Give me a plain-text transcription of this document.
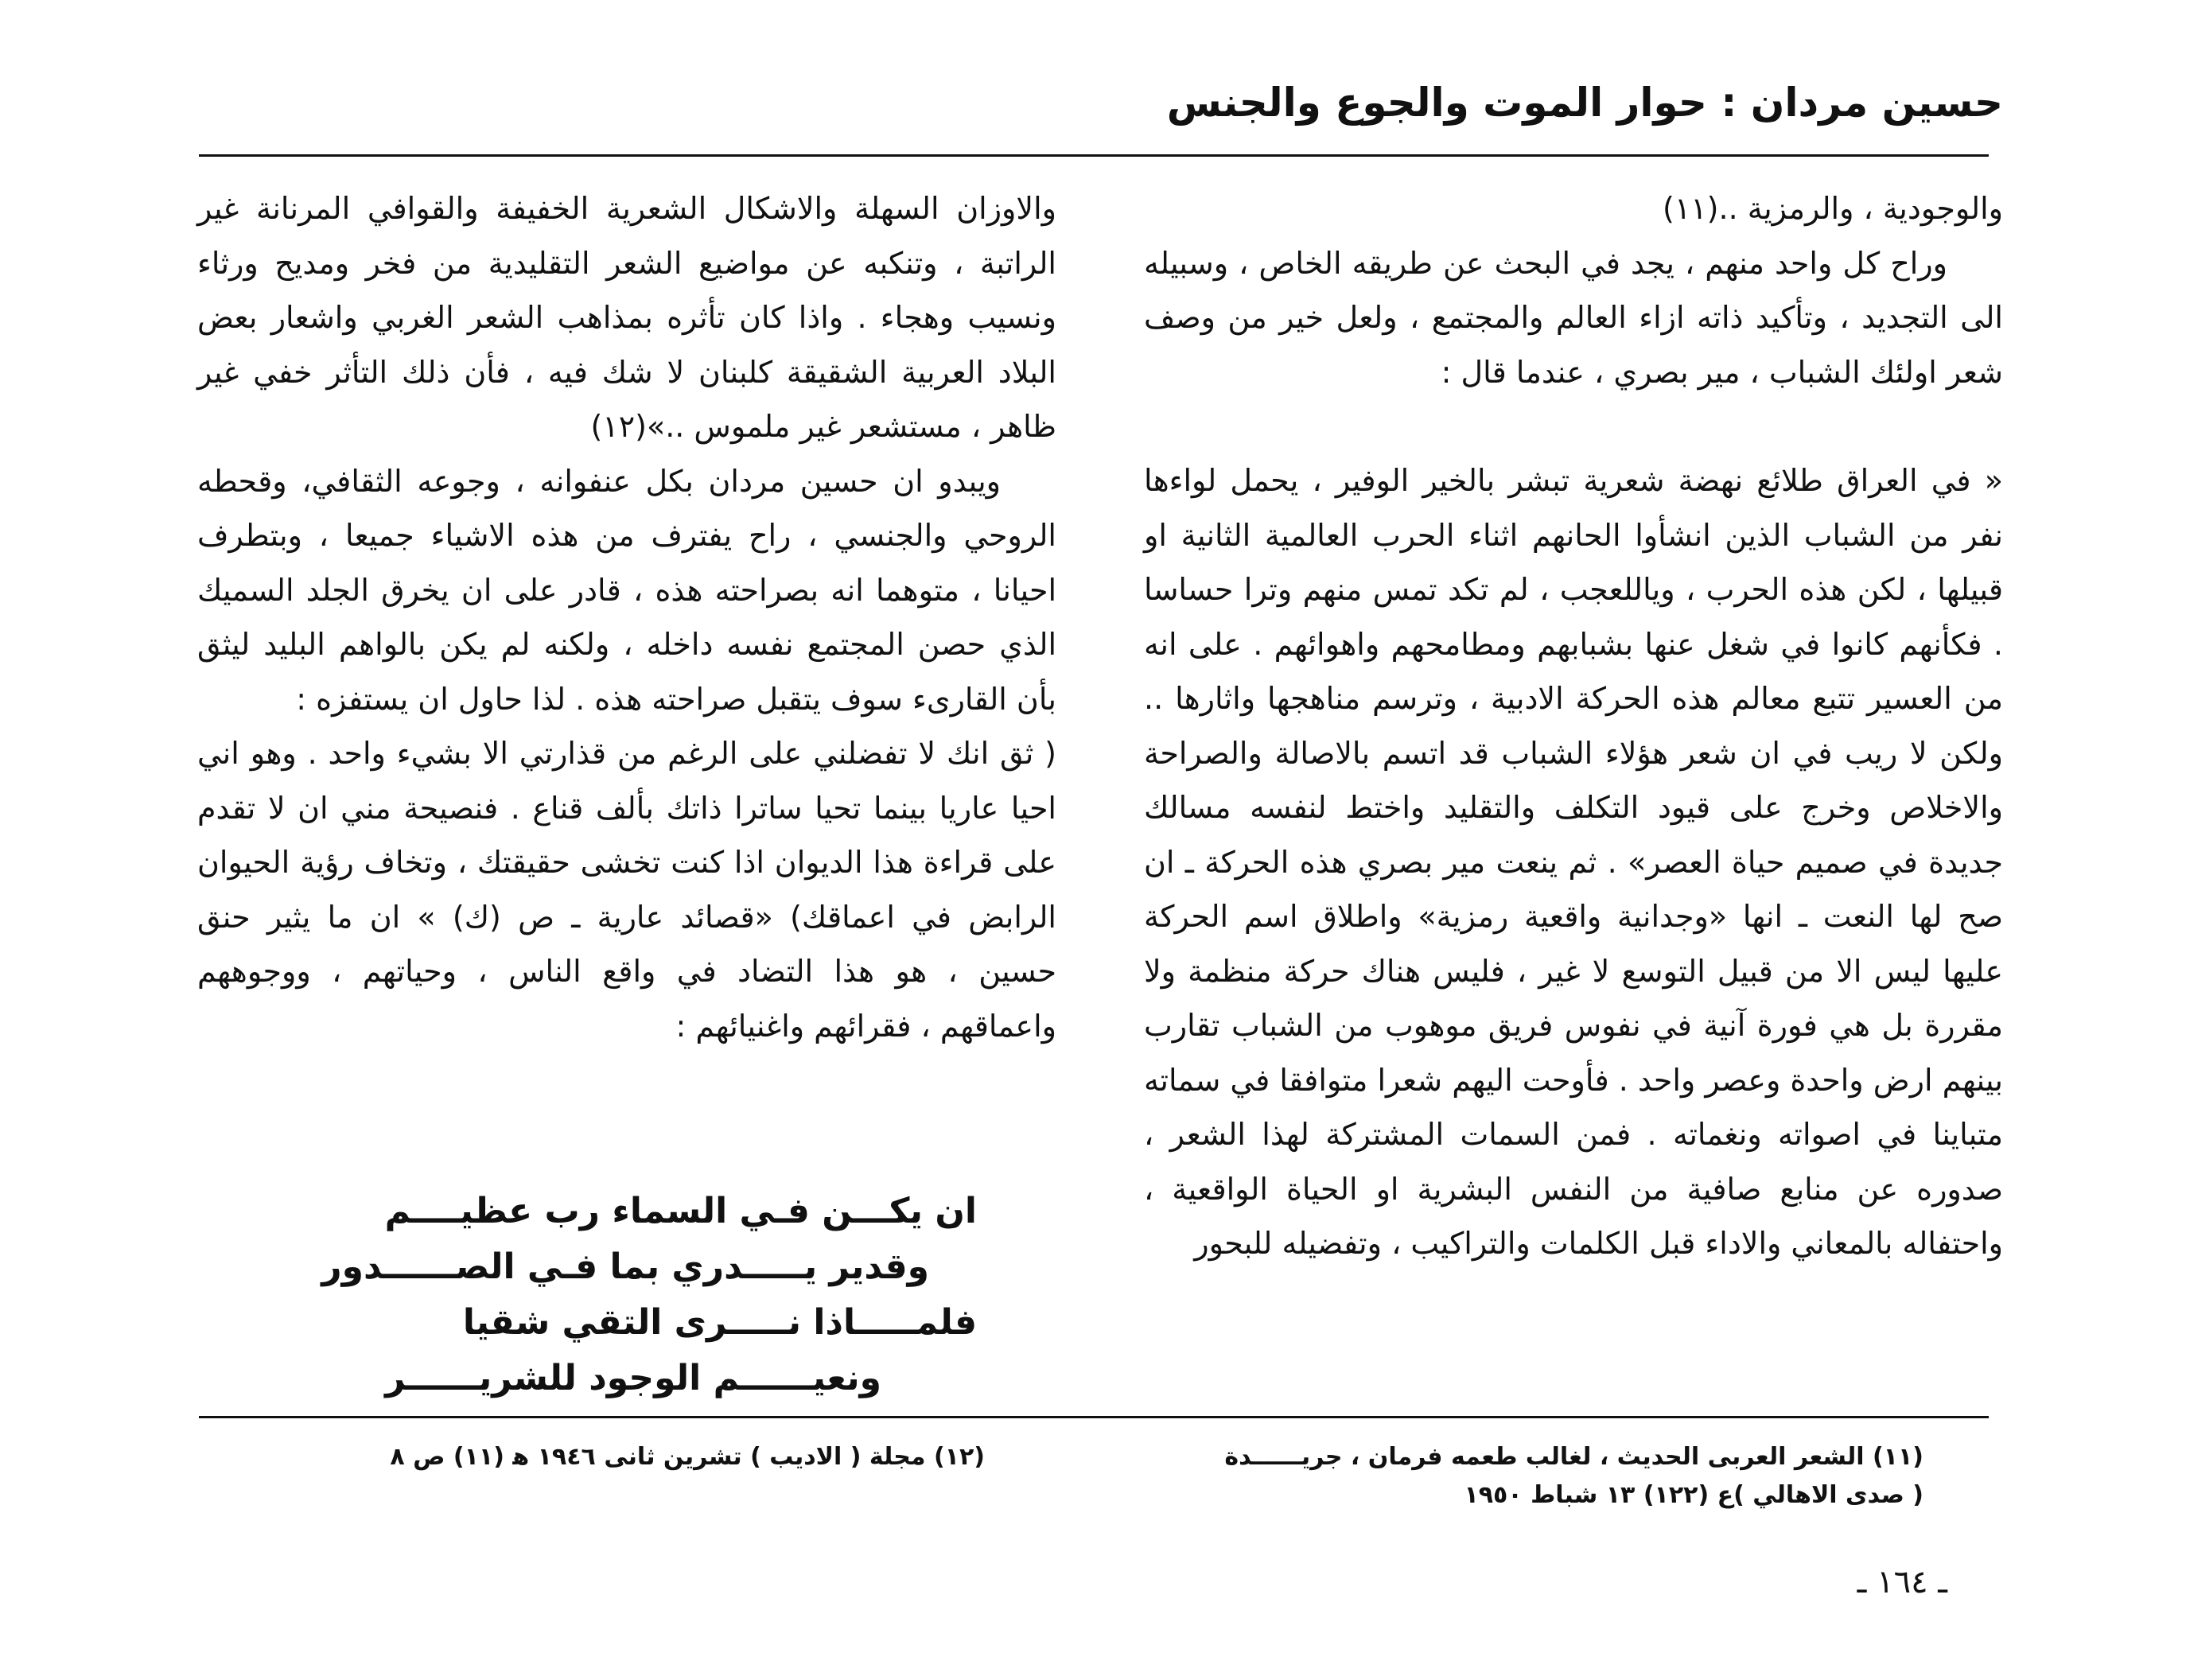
حسين مردان : حوار الموت والجوع والجنس

والوجودية ، والرمزية ..(١١)

وراح كل واحد منهم ، يجد في البحث عن طريقه الخاص ، وسبيله الى التجديد ، وتأكيد ذاته ازاء العالم والمجتمع ، ولعل خير من وصف شعر اولئك الشباب ، مير بصري ، عندما قال :

« في العراق طلائع نهضة شعرية تبشر بالخير الوفير ، يحمل لواءها نفر من الشباب الذين انشأوا الحانهم اثناء الحرب العالمية الثانية او قبيلها ، لكن هذه الحرب ، وياللعجب ، لم تكد تمس منهم وترا حساسا . فكأنهم كانوا في شغل عنها بشبابهم ومطامحهم واهوائهم . على انه من العسير تتبع معالم هذه الحركة الادبية ، وترسم مناهجها واثارها .. ولكن لا ريب في ان شعر هؤلاء الشباب قد اتسم بالاصالة والصراحة والاخلاص وخرج على قيود التكلف والتقليد واختط لنفسه مسالك جديدة في صميم حياة العصر» . ثم ينعت مير بصري هذه الحركة ـ ان صح لها النعت ـ انها «وجدانية واقعية رمزية» واطلاق اسم الحركة عليها ليس الا من قبيل التوسع لا غير ، فليس هناك حركة منظمة ولا مقررة بل هي فورة آنية في نفوس فريق موهوب من الشباب تقارب بينهم ارض واحدة وعصر واحد . فأوحت اليهم شعرا متوافقا في سماته متباينا في اصواته ونغماته . فمن السمات المشتركة لهذا الشعر ، صدوره عن منابع صافية من النفس البشرية او الحياة الواقعية ، واحتفاله بالمعاني والاداء قبل الكلمات والتراكيب ، وتفضيله للبحور

والاوزان السهلة والاشكال الشعرية الخفيفة والقوافي المرنانة غير الراتبة ، وتنكبه عن مواضيع الشعر التقليدية من فخر ومديح ورثاء ونسيب وهجاء . واذا كان تأثره بمذاهب الشعر الغربي واشعار بعض البلاد العربية الشقيقة كلبنان لا شك فيه ، فأن ذلك التأثر خفي غير ظاهر ، مستشعر غير ملموس ..»(١٢)

ويبدو ان حسين مردان بكل عنفوانه ، وجوعه الثقافي، وقحطه الروحي والجنسي ، راح يفترف من هذه الاشياء جميعا ، وبتطرف احيانا ، متوهما انه بصراحته هذه ، قادر على ان يخرق الجلد السميك الذي حصن المجتمع نفسه داخله ، ولكنه لم يكن بالواهم البليد ليثق بأن القارىء سوف يتقبل صراحته هذه . لذا حاول ان يستفزه :

( ثق انك لا تفضلني على الرغم من قذارتي الا بشيء واحد . وهو اني احيا عاريا بينما تحيا ساترا ذاتك بألف قناع . فنصيحة مني ان لا تقدم على قراءة هذا الديوان اذا كنت تخشى حقيقتك ، وتخاف رؤية الحيوان الرابض في اعماقك) «قصائد عارية ـ ص (ك) » ان ما يثير حنق حسين ، هو هذا التضاد في واقع الناس ، وحياتهم ، ووجوههم واعماقهم ، فقرائهم واغنيائهم :

ان يكـــن فـي السماء رب عظيــــم
وقدير يـــــدري بما فـي الصــــــدور
فلمـــــاذا نـــــرى التقي شقيا
ونعيــــــم الوجود للشريــــــر
(١١) الشعر العربى الحديث ، لغالب طعمه فرمان ، جريــــــدة
( صدى الاهالي )ع (١٢٢) ١٣ شباط ١٩٥٠
(١٢) مجلة ( الاديب ) تشرين ثانى ١٩٤٦ ﻫ (١١) ص ٨
ـ ١٦٤ ـ
